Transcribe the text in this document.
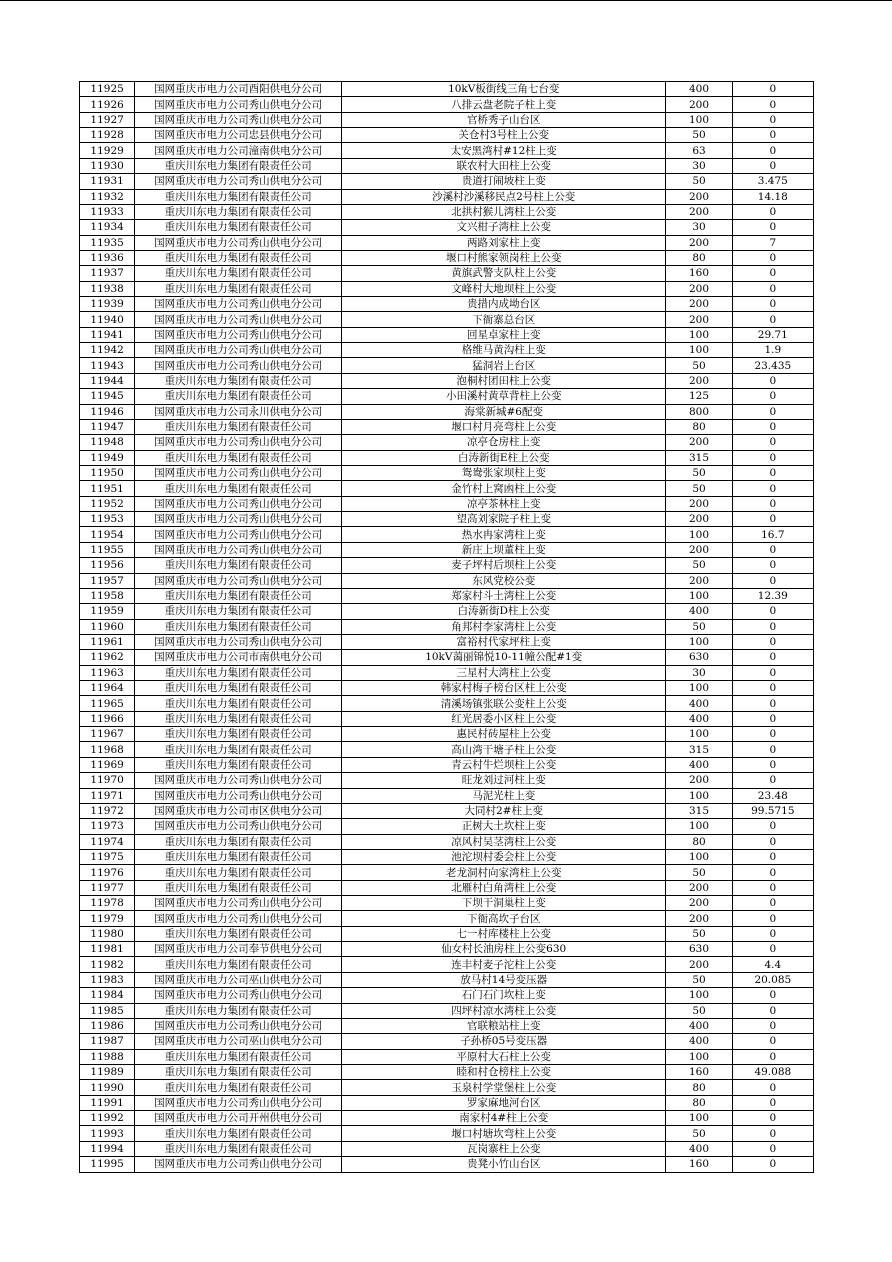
11925	国网重庆市电力公司酉阳供电分公司	10kV板街线三角七台变	400	0
11926	国网重庆市电力公司秀山供电分公司	八排云盘老院子柱上变	200	0
11927	国网重庆市电力公司秀山供电分公司	官桥秀子山台区	100	0
11928	国网重庆市电力公司忠县供电分公司	关仓村3号柱上公变	50	0
11929	国网重庆市电力公司潼南供电分公司	太安黑湾村#12柱上变	63	0
11930	重庆川东电力集团有限责任公司	联农村大田柱上公变	30	0
11931	国网重庆市电力公司秀山供电分公司	贵道打闹坡柱上变	50	3.475
11932	重庆川东电力集团有限责任公司	沙溪村沙溪移民点2号柱上公变	200	14.18
11933	重庆川东电力集团有限责任公司	北拱村猴儿湾柱上公变	200	0
11934	重庆川东电力集团有限责任公司	文兴柑子湾柱上公变	30	0
11935	国网重庆市电力公司秀山供电分公司	两路刘家柱上变	200	7
11936	重庆川东电力集团有限责任公司	堰口村熊家领岗柱上公变	80	0
11937	重庆川东电力集团有限责任公司	黄旗武警支队柱上公变	160	0
11938	重庆川东电力集团有限责任公司	文峰村大地坝柱上公变	200	0
11939	国网重庆市电力公司秀山供电分公司	贵措内成坳台区	200	0
11940	国网重庆市电力公司秀山供电分公司	下衙寨总台区	200	0
11941	国网重庆市电力公司秀山供电分公司	回星卓家柱上变	100	29.71
11942	国网重庆市电力公司秀山供电分公司	格维马黄沟柱上变	100	1.9
11943	国网重庆市电力公司秀山供电分公司	猛洞岩上台区	50	23.435
11944	重庆川东电力集团有限责任公司	泡桐村团田柱上公变	200	0
11945	重庆川东电力集团有限责任公司	小田溪村黄草背柱上公变	125	0
11946	国网重庆市电力公司永川供电分公司	海棠新城#6配变	800	0
11947	重庆川东电力集团有限责任公司	堰口村月亮弯柱上公变	80	0
11948	国网重庆市电力公司秀山供电分公司	凉亭仓房柱上变	200	0
11949	重庆川东电力集团有限责任公司	白涛新街E柱上公变	315	0
11950	国网重庆市电力公司秀山供电分公司	鸳鸯张家坝柱上变	50	0
11951	重庆川东电力集团有限责任公司	金竹村上窝凼柱上公变	50	0
11952	国网重庆市电力公司秀山供电分公司	凉亭茶林柱上变	200	0
11953	国网重庆市电力公司秀山供电分公司	望高刘家院子柱上变	200	0
11954	国网重庆市电力公司秀山供电分公司	热水冉家湾柱上变	100	16.7
11955	国网重庆市电力公司秀山供电分公司	新庄上坝董柱上变	200	0
11956	重庆川东电力集团有限责任公司	麦子坪村后坝柱上公变	50	0
11957	国网重庆市电力公司秀山供电分公司	东风党校公变	200	0
11958	重庆川东电力集团有限责任公司	郑家村斗土湾柱上公变	100	12.39
11959	重庆川东电力集团有限责任公司	白涛新街D柱上公变	400	0
11960	重庆川东电力集团有限责任公司	角邦村李家湾柱上公变	50	0
11961	国网重庆市电力公司秀山供电分公司	富裕村代家坪柱上变	100	0
11962	国网重庆市电力公司市南供电分公司	10kV蔼丽锦悦10-11幢公配#1变	630	0
11963	重庆川东电力集团有限责任公司	三星村大湾柱上公变	30	0
11964	重庆川东电力集团有限责任公司	韩家村梅子榜台区柱上公变	100	0
11965	重庆川东电力集团有限责任公司	清溪场镇张联公变柱上公变	400	0
11966	重庆川东电力集团有限责任公司	红光居委小区柱上公变	400	0
11967	重庆川东电力集团有限责任公司	惠民村砖屋柱上公变	100	0
11968	重庆川东电力集团有限责任公司	高山湾干塘子柱上公变	315	0
11969	重庆川东电力集团有限责任公司	青云村牛烂坝柱上公变	400	0
11970	国网重庆市电力公司秀山供电分公司	旺龙刘过河柱上变	200	0
11971	国网重庆市电力公司秀山供电分公司	马泥光柱上变	100	23.48
11972	国网重庆市电力公司市区供电分公司	大同村2#柱上变	315	99.5715
11973	国网重庆市电力公司秀山供电分公司	正树大土坎柱上变	100	0
11974	重庆川东电力集团有限责任公司	凉风村吴茎湾柱上公变	80	0
11975	重庆川东电力集团有限责任公司	池沱坝村委会柱上公变	100	0
11976	重庆川东电力集团有限责任公司	老龙洞村向家湾柱上公变	50	0
11977	重庆川东电力集团有限责任公司	北雁村白角湾柱上公变	200	0
11978	国网重庆市电力公司秀山供电分公司	下坝干洞巢柱上变	200	0
11979	国网重庆市电力公司秀山供电分公司	下衙高坎子台区	200	0
11980	重庆川东电力集团有限责任公司	七一村库楼柱上公变	50	0
11981	国网重庆市电力公司奉节供电分公司	仙女村长油房柱上公变630	630	0
11982	重庆川东电力集团有限责任公司	连丰村麦子沱柱上公变	200	4.4
11983	国网重庆市电力公司巫山供电分公司	放马村14号变压器	50	20.085
11984	国网重庆市电力公司秀山供电分公司	石门石门坎柱上变	100	0
11985	重庆川东电力集团有限责任公司	四坪村凉水湾柱上公变	50	0
11986	国网重庆市电力公司秀山供电分公司	官联粮站柱上变	400	0
11987	国网重庆市电力公司巫山供电分公司	子孙桥05号变压器	400	0
11988	重庆川东电力集团有限责任公司	平原村大石柱上公变	100	0
11989	重庆川东电力集团有限责任公司	睦和村仓榜柱上公变	160	49.088
11990	重庆川东电力集团有限责任公司	玉泉村学堂堡柱上公变	80	0
11991	国网重庆市电力公司秀山供电分公司	罗家麻地河台区	80	0
11992	国网重庆市电力公司开州供电分公司	南家村4#柱上公变	100	0
11993	重庆川东电力集团有限责任公司	堰口村塘坎弯柱上公变	50	0
11994	重庆川东电力集团有限责任公司	瓦岗寨柱上公变	400	0
11995	国网重庆市电力公司秀山供电分公司	贵凳小竹山台区	160	0
